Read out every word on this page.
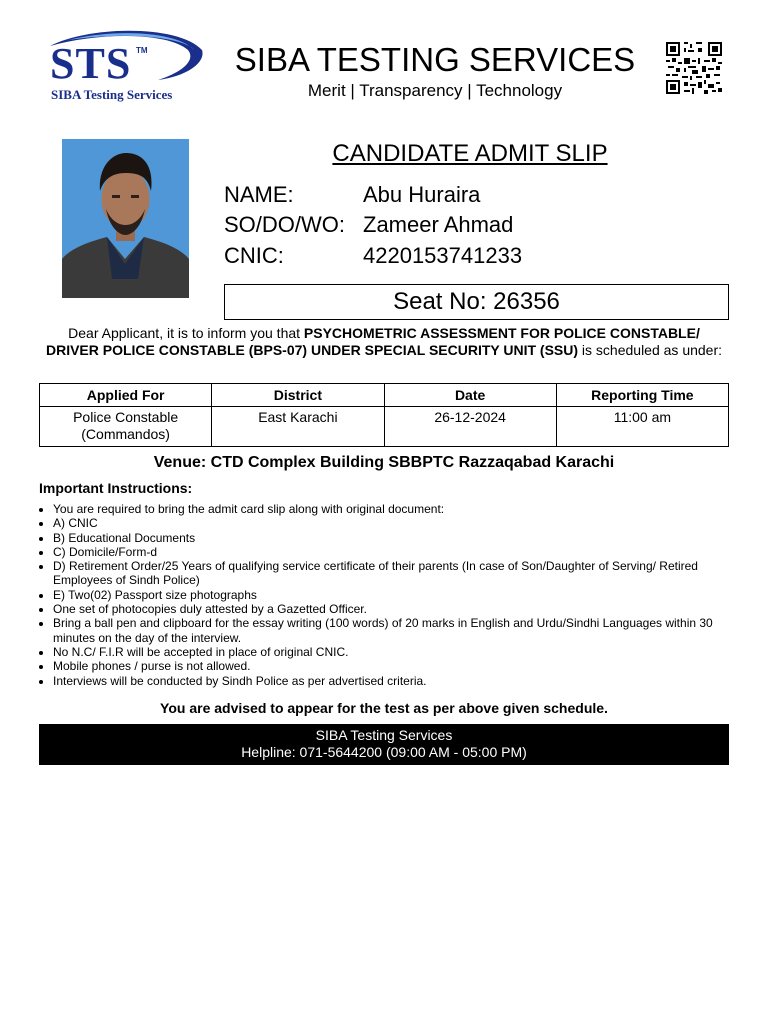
STS TM
SIBA Testing Services
SIBA TESTING SERVICES
Merit | Transparency | Technology
CANDIDATE ADMIT SLIP
NAME:	Abu Huraira
SO/DO/WO: Zameer Ahmad
CNIC:	4220153741233
Seat No: 26356
Dear Applicant, it is to inform you that PSYCHOMETRIC ASSESSMENT FOR POLICE CONSTABLE/ DRIVER POLICE CONSTABLE (BPS-07) UNDER SPECIAL SECURITY UNIT (SSU) is scheduled as under:
Applied For	District	Date	Reporting Time
Police Constable (Commandos)	East Karachi	26-12-2024	11:00 am
Venue: CTD Complex Building SBBPTC Razzaqabad Karachi
Important Instructions:
• You are required to bring the admit card slip along with original document:
• A) CNIC
• B) Educational Documents
• C) Domicile/Form-d
• D) Retirement Order/25 Years of qualifying service certificate of their parents (In case of Son/Daughter of Serving/ Retired Employees of Sindh Police)
• E) Two(02) Passport size photographs
• One set of photocopies duly attested by a Gazetted Officer.
• Bring a ball pen and clipboard for the essay writing (100 words) of 20 marks in English and Urdu/Sindhi Languages within 30 minutes on the day of the interview.
• No N.C/ F.I.R will be accepted in place of original CNIC.
• Mobile phones / purse is not allowed.
• Interviews will be conducted by Sindh Police as per advertised criteria.
You are advised to appear for the test as per above given schedule.
SIBA Testing Services
Helpline: 071-5644200 (09:00 AM - 05:00 PM)
